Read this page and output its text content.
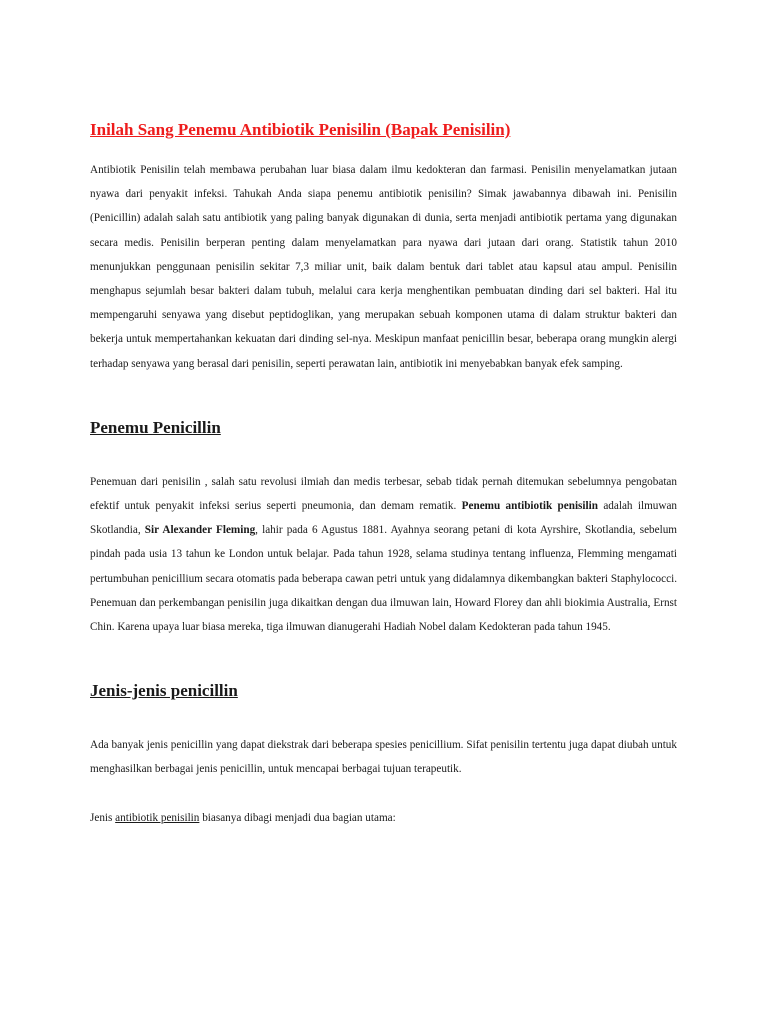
Inilah Sang Penemu Antibiotik Penisilin (Bapak Penisilin)

Antibiotik Penisilin telah membawa perubahan luar biasa dalam ilmu kedokteran dan farmasi. Penisilin menyelamatkan jutaan nyawa dari penyakit infeksi. Tahukah Anda siapa penemu antibiotik penisilin? Simak jawabannya dibawah ini. Penisilin (Penicillin) adalah salah satu antibiotik yang paling banyak digunakan di dunia, serta menjadi antibiotik pertama yang digunakan secara medis. Penisilin berperan penting dalam menyelamatkan para nyawa dari jutaan dari orang. Statistik tahun 2010 menunjukkan penggunaan penisilin sekitar 7,3 miliar unit, baik dalam bentuk dari tablet atau kapsul atau ampul. Penisilin menghapus sejumlah besar bakteri dalam tubuh, melalui cara kerja menghentikan pembuatan dinding dari sel bakteri. Hal itu mempengaruhi senyawa yang disebut peptidoglikan, yang merupakan sebuah komponen utama di dalam struktur bakteri dan bekerja untuk mempertahankan kekuatan dari dinding sel-nya. Meskipun manfaat penicillin besar, beberapa orang mungkin alergi terhadap senyawa yang berasal dari penisilin, seperti perawatan lain, antibiotik ini menyebabkan banyak efek samping.

Penemu Penicillin

Penemuan dari penisilin , salah satu revolusi ilmiah dan medis terbesar, sebab tidak pernah ditemukan sebelumnya pengobatan efektif untuk penyakit infeksi serius seperti pneumonia, dan demam rematik. Penemu antibiotik penisilin adalah ilmuwan Skotlandia, Sir Alexander Fleming, lahir pada 6 Agustus 1881. Ayahnya seorang petani di kota Ayrshire, Skotlandia, sebelum pindah pada usia 13 tahun ke London untuk belajar. Pada tahun 1928, selama studinya tentang influenza, Flemming mengamati pertumbuhan penicillium secara otomatis pada beberapa cawan petri untuk yang didalamnya dikembangkan bakteri Staphylococci. Penemuan dan perkembangan penisilin juga dikaitkan dengan dua ilmuwan lain, Howard Florey dan ahli biokimia Australia, Ernst Chin. Karena upaya luar biasa mereka, tiga ilmuwan dianugerahi Hadiah Nobel dalam Kedokteran pada tahun 1945.

Jenis-jenis penicillin

Ada banyak jenis penicillin yang dapat diekstrak dari beberapa spesies penicillium. Sifat penisilin tertentu juga dapat diubah untuk menghasilkan berbagai jenis penicillin, untuk mencapai berbagai tujuan terapeutik.

Jenis antibiotik penisilin biasanya dibagi menjadi dua bagian utama:
